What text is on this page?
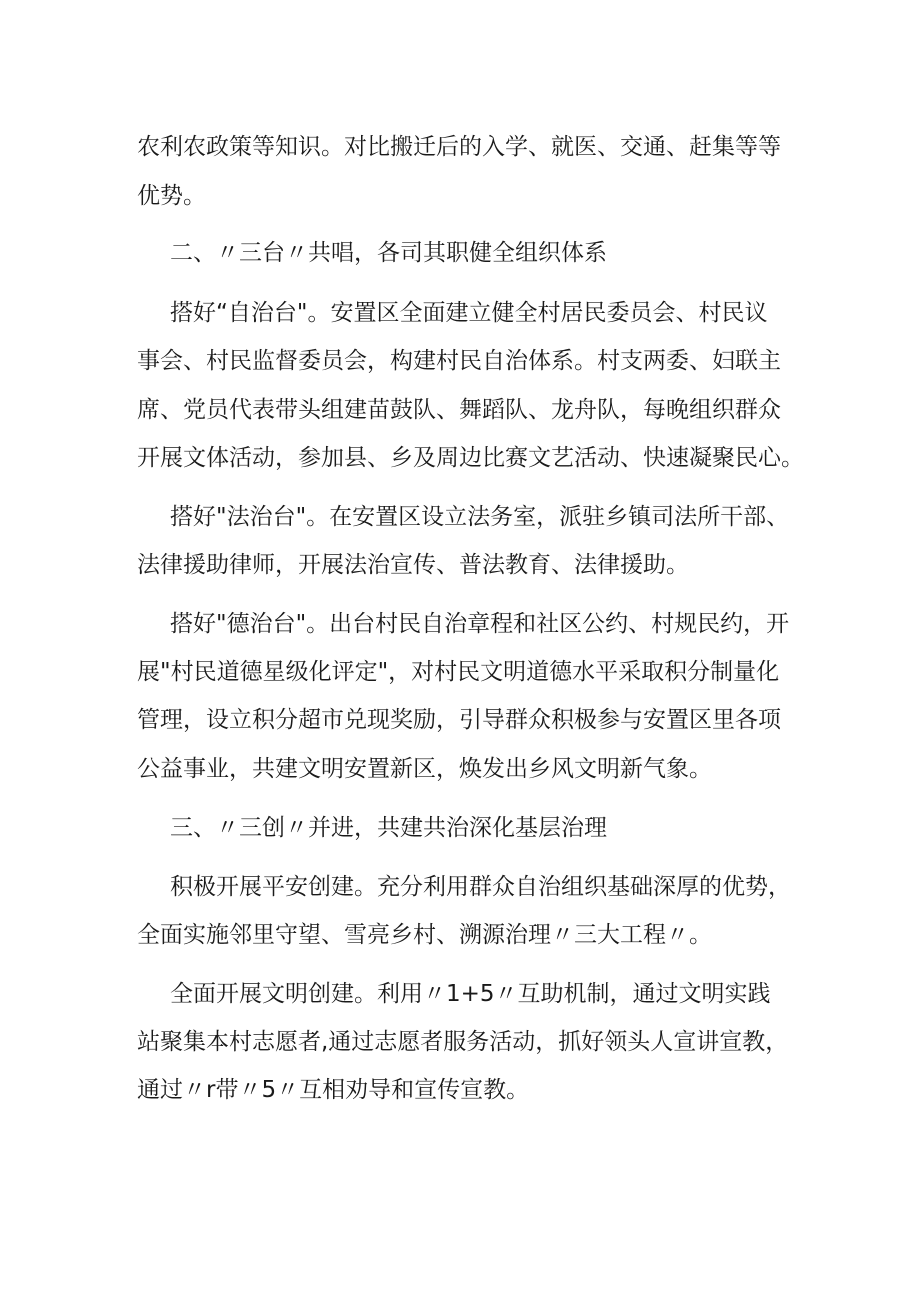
农利农政策等知识。对比搬迁后的入学、就医、交通、赶集等等
优势。
二、〃三台〃共唱，各司其职健全组织体系
搭好“自治台"。安置区全面建立健全村居民委员会、村民议
事会、村民监督委员会，构建村民自治体系。村支两委、妇联主
席、党员代表带头组建苗鼓队、舞蹈队、龙舟队，每晚组织群众
开展文体活动，参加县、乡及周边比赛文艺活动、快速凝聚民心。
搭好"法治台"。在安置区设立法务室，派驻乡镇司法所干部、
法律援助律师，开展法治宣传、普法教育、法律援助。
搭好"德治台"。出台村民自治章程和社区公约、村规民约，开
展"村民道德星级化评定"，对村民文明道德水平采取积分制量化
管理，设立积分超市兑现奖励，引导群众积极参与安置区里各项
公益事业，共建文明安置新区，焕发出乡风文明新气象。
三、〃三创〃并进，共建共治深化基层治理
积极开展平安创建。充分利用群众自治组织基础深厚的优势，
全面实施邻里守望、雪亮乡村、溯源治理〃三大工程〃。
全面开展文明创建。利用〃1+5〃互助机制，通过文明实践
站聚集本村志愿者,通过志愿者服务活动，抓好领头人宣讲宣教，
通过〃r带〃5〃互相劝导和宣传宣教。
